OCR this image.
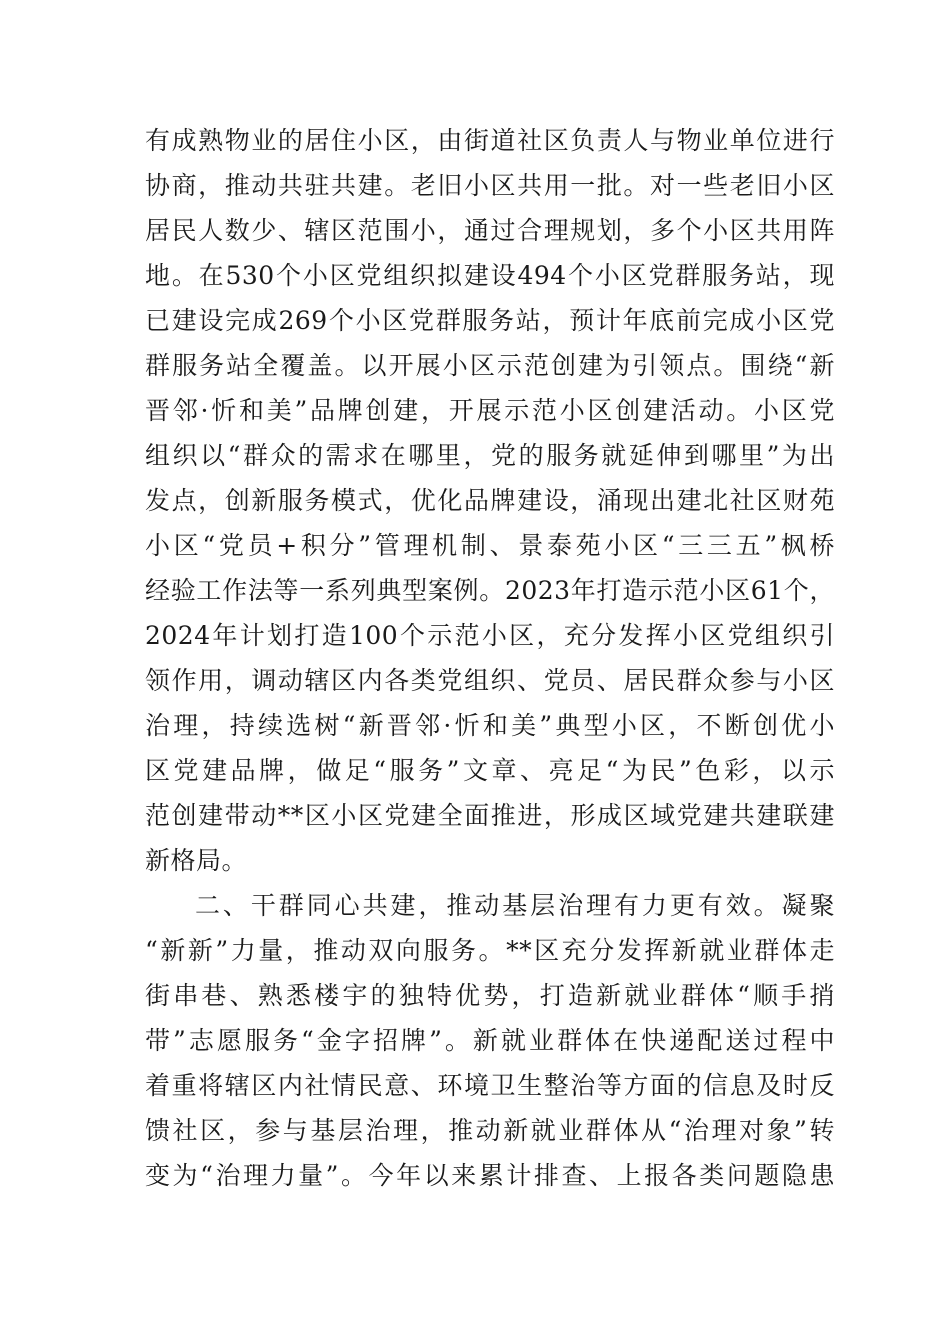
有成熟物业的居住小区，由街道社区负责人与物业单位进行
协商，推动共驻共建。老旧小区共用一批。对一些老旧小区
居民人数少、辖区范围小，通过合理规划，多个小区共用阵
地。在530个小区党组织拟建设494个小区党群服务站，现
已建设完成269个小区党群服务站，预计年底前完成小区党
群服务站全覆盖。以开展小区示范创建为引领点。围绕“新
晋邻·忻和美”品牌创建，开展示范小区创建活动。小区党
组织以“群众的需求在哪里，党的服务就延伸到哪里”为出
发点，创新服务模式，优化品牌建设，涌现出建北社区财苑
小区“党员+积分”管理机制、景泰苑小区“三三五”枫桥
经验工作法等一系列典型案例。2023年打造示范小区61个，
2024年计划打造100个示范小区，充分发挥小区党组织引
领作用，调动辖区内各类党组织、党员、居民群众参与小区
治理，持续选树“新晋邻·忻和美”典型小区，不断创优小
区党建品牌，做足“服务”文章、亮足“为民”色彩，以示
范创建带动**区小区党建全面推进，形成区域党建共建联建
新格局。
二、干群同心共建，推动基层治理有力更有效。凝聚
“新新”力量，推动双向服务。**区充分发挥新就业群体走
街串巷、熟悉楼宇的独特优势，打造新就业群体“顺手捎
带”志愿服务“金字招牌”。新就业群体在快递配送过程中
着重将辖区内社情民意、环境卫生整治等方面的信息及时反
馈社区，参与基层治理，推动新就业群体从“治理对象”转
变为“治理力量”。今年以来累计排查、上报各类问题隐患
